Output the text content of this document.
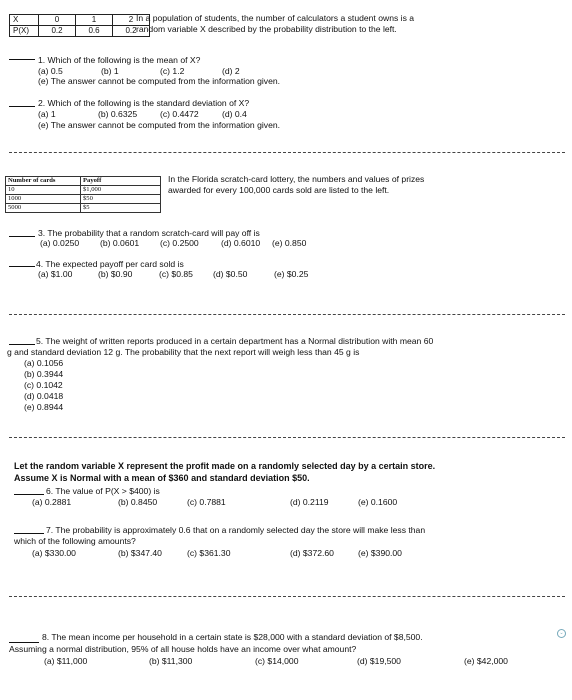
X	0	1	2
P(X)	0.2	0.6	0.2
In a population of students, the number of calculators a student owns is a
random variable X described by the probability distribution to the left.
1. Which of the following is the mean of X?
(a) 0.5	(b) 1	(c) 1.2	(d) 2
(e) The answer cannot be computed from the information given.
2. Which of the following is the standard deviation of X?
(a) 1	(b) 0.6325	(c) 0.4472	(d) 0.4
(e) The answer cannot be computed from the information given.
Number of cards	Payoff
10	$1,000
1000	$50
5000	$5
In the Florida scratch-card lottery, the numbers and values of prizes
awarded for every 100,000 cards sold are listed to the left.
3. The probability that a random scratch-card will pay off is
(a) 0.0250 (b) 0.0601 (c) 0.2500	(d) 0.6010 (e) 0.850
4. The expected payoff per card sold is
(a) $1.00	(b) $0.90	(c) $0.85 (d) $0.50	(e) $0.25
5. The weight of written reports produced in a certain department has a Normal distribution with mean 60
g and standard deviation 12 g. The probability that the next report will weigh less than 45 g is
(a) 0.1056
(b) 0.3944
(c) 0.1042
(d) 0.0418
(e) 0.8944
Let the random variable X represent the profit made on a randomly selected day by a certain store.
Assume X is Normal with a mean of $360 and standard deviation $50.
6. The value of P(X > $400) is
(a) 0.2881	(b) 0.8450	(c) 0.7881	(d) 0.2119	(e) 0.1600
7. The probability is approximately 0.6 that on a randomly selected day the store will make less than
which of the following amounts?
(a) $330.00	(b) $347.40	(c) $361.30	(d) $372.60	(e) $390.00
8. The mean income per household in a certain state is $28,000 with a standard deviation of $8,500.
Assuming a normal distribution, 95% of all house holds have an income over what amount?
(a) $11,000	(b) $11,300	(c) $14,000	(d) $19,500	(e) $42,000
⌄
